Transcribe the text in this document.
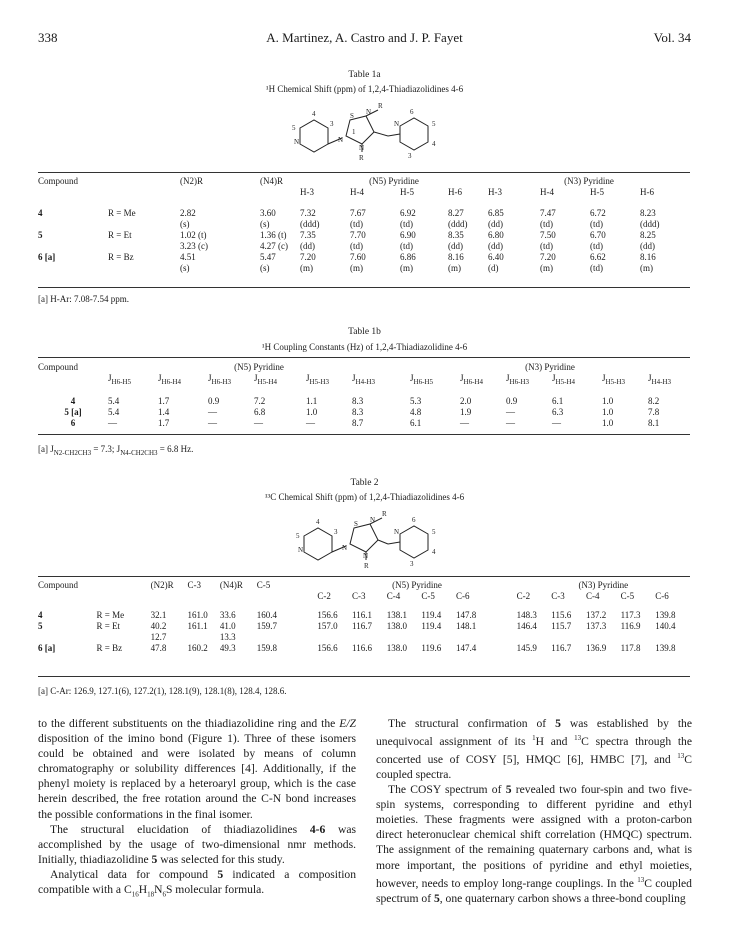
338	A. Martinez, A. Castro and J. P. Fayet	Vol. 34
Table 1a
¹H Chemical Shift (ppm) of 1,2,4-Thiadiazolidines 4-6
S N
R
N
R
N
N
N
1
4
5	3
6
5
4
3
Compound		(N2)R	(N4)R	(N5) Pyridine				(N3) Pyridine			
				H-3	H-4	H-5	H-6	H-3	H-4	H-5	H-6

4	R = Me	2.82	3.60	7.32	7.67	6.92	8.27	6.85	7.47	6.72	8.23
		(s)	(s)	(ddd)	(td)	(td)	(ddd)	(dd)	(td)	(td)	(ddd)
5	R = Et	1.02 (t)	1.36 (t)	7.35	7.70	6.90	8.35	6.80	7.50	6.70	8.25
		3.23 (c)	4.27 (c)	(dd)	(td)	(td)	(dd)	(dd)	(td)	(td)	(dd)
6 [a]	R = Bz	4.51	5.47	7.20	7.60	6.86	8.16	6.40	7.20	6.62	8.16
		(s)	(s)	(m)	(m)	(m)	(m)	(d)	(m)	(td)	(m)
[a] H-Ar: 7.08-7.54 ppm.
Table 1b
¹H Coupling Constants (Hz) of 1,2,4-Thiadiazolidine 4-6
Compound	(N5) Pyridine						(N3) Pyridine					
	$J_{H6-H5}$	$J_{H6-H4}$	$J_{H6-H3}$	$J_{H5-H4}$	$J_{H5-H3}$	$J_{H4-H3}$	$J_{H6-H5}$	$J_{H6-H4}$	$J_{H6-H3}$	$J_{H5-H4}$	$J_{H5-H3}$	$J_{H4-H3}$

4	5.4	1.7	0.9	7.2	1.1	8.3	5.3	2.0	0.9	6.1	1.0	8.2
5 [a]	5.4	1.4	—	6.8	1.0	8.3	4.8	1.9	—	6.3	1.0	7.8
6	—	1.7	—	—	—	8.7	6.1	—	—	—	1.0	8.1
[a] $J_{N2-CH2CH3} = 7.3$; $J_{N4-CH2CH3} = 6.8$ Hz.
Table 2
¹³C Chemical Shift (ppm) of 1,2,4-Thiadiazolidines 4-6
S N
R
N
R
N
N
N
4
5	3
6
5
4
3
Compound		(N2)R	C-3	(N4)R	C-5	(N5) Pyridine					(N3) Pyridine				
						C-2	C-3	C-4	C-5	C-6	C-2	C-3	C-4	C-5	C-6

4	R = Me	32.1	161.0	33.6	160.4	156.6	116.1	138.1	119.4	147.8	148.3	115.6	137.2	117.3	139.8
5	R = Et	40.2	161.1	41.0	159.7	157.0	116.7	138.0	119.4	148.1	146.4	115.7	137.3	116.9	140.4
		12.7		13.3											
6 [a]	R = Bz	47.8	160.2	49.3	159.8	156.6	116.6	138.0	119.6	147.4	145.9	116.7	136.9	117.8	139.8
[a] C-Ar: 126.9, 127.1(6), 127.2(1), 128.1(9), 128.1(8), 128.4, 128.6.

to the different substituents on the thiadiazolidine ring and the E/Z disposition of the imino bond (Figure 1). Three of these isomers could be obtained and were isolated by means of column chromatography or solubility differences [4]. Additionally, if the phenyl moiety is replaced by a heteroaryl group, which is the case herein described, the free rotation around the C-N bond increases the possible conformations in the final isomer.

The structural elucidation of thiadiazolidines 4-6 was accomplished by the usage of two-dimensional nmr methods. Initially, thiadiazolidine 5 was selected for this study.

Analytical data for compound 5 indicated a composition compatible with a $C_{16}H_{18}N_6S$ molecular formula.

The structural confirmation of 5 was established by the unequivocal assignment of its $^1$H and $^{13}$C spectra through the concerted use of COSY [5], HMQC [6], HMBC [7], and $^{13}$C coupled spectra.

The COSY spectrum of 5 revealed two four-spin and two five-spin systems, corresponding to different pyridine and ethyl moieties. These fragments were assigned with a proton-carbon direct heteronuclear chemical shift correlation (HMQC) spectrum. The assignment of the remaining quaternary carbons and, what is more important, the positions of pyridine and ethyl moieties, however, needs to employ long-range couplings. In the $^{13}$C coupled spectrum of 5, one quaternary carbon shows a three-bond coupling
